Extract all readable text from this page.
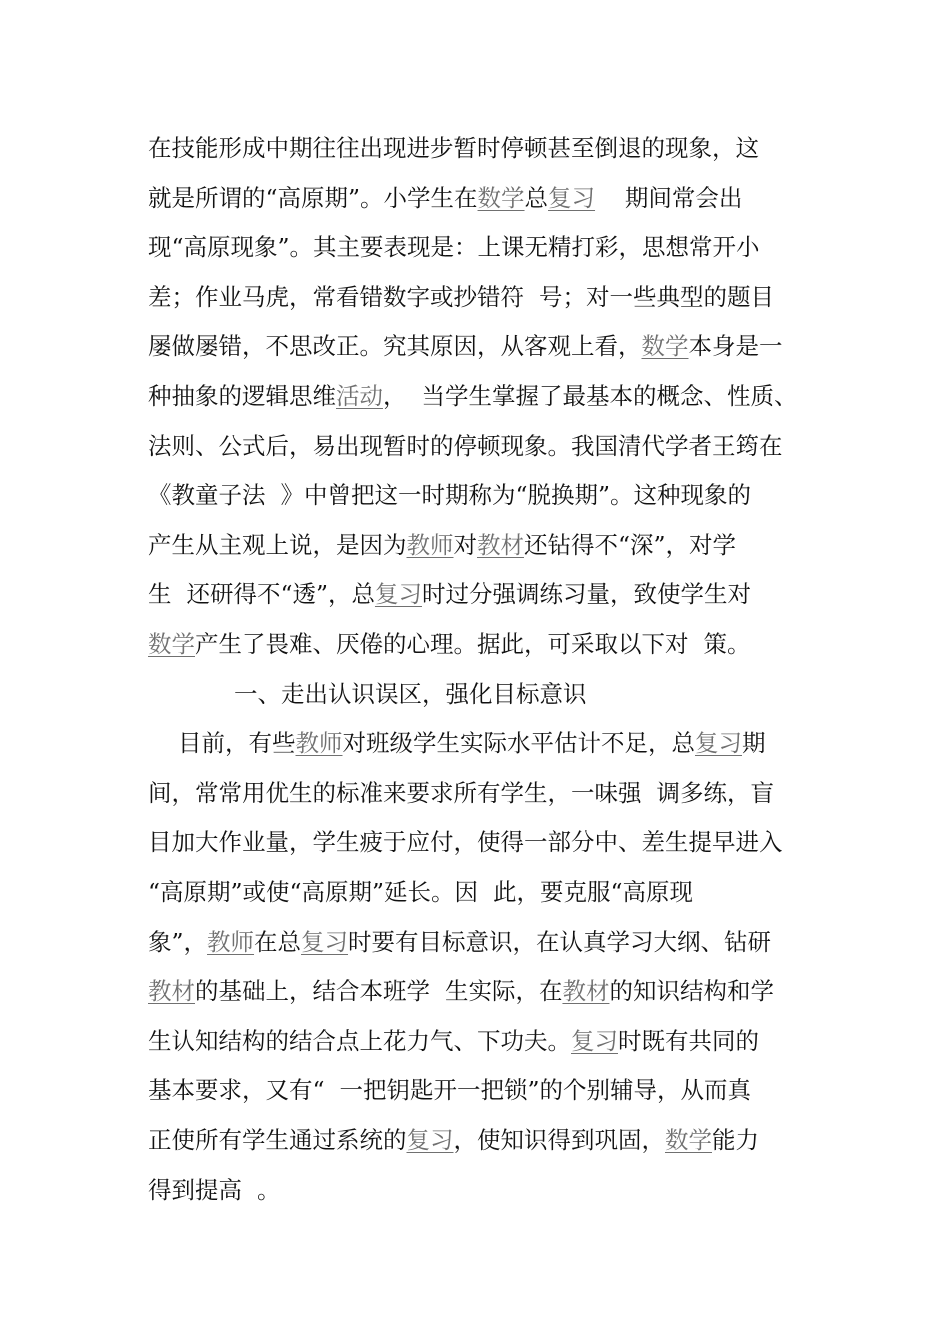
在技能形成中期往往出现进步暂时停顿甚至倒退的现象，这
就是所谓的“高原期”。小学生在数学总复习    期间常会出
现“高原现象”。其主要表现是：上课无精打彩，思想常开小
差；作业马虎，常看错数字或抄错符  号；对一些典型的题目
屡做屡错，不思改正。究其原因，从客观上看，数学本身是一
种抽象的逻辑思维活动，  当学生掌握了最基本的概念、性质、
法则、公式后，易出现暂时的停顿现象。我国清代学者王筠在
《教童子法  》中曾把这一时期称为“脱换期”。这种现象的
产生从主观上说，是因为教师对教材还钻得不“深”，对学
生  还研得不“透”，总复习时过分强调练习量，致使学生对
数学产生了畏难、厌倦的心理。据此，可采取以下对  策。
一、走出认识误区，强化目标意识
目前，有些教师对班级学生实际水平估计不足，总复习期
间，常常用优生的标准来要求所有学生，一味强  调多练，盲
目加大作业量，学生疲于应付，使得一部分中、差生提早进入
“高原期”或使“高原期”延长。因  此，要克服“高原现
象”，教师在总复习时要有目标意识，在认真学习大纲、钻研
教材的基础上，结合本班学  生实际，在教材的知识结构和学
生认知结构的结合点上花力气、下功夫。复习时既有共同的
基本要求，又有“  一把钥匙开一把锁”的个别辅导，从而真
正使所有学生通过系统的复习，使知识得到巩固，数学能力
得到提高  。
